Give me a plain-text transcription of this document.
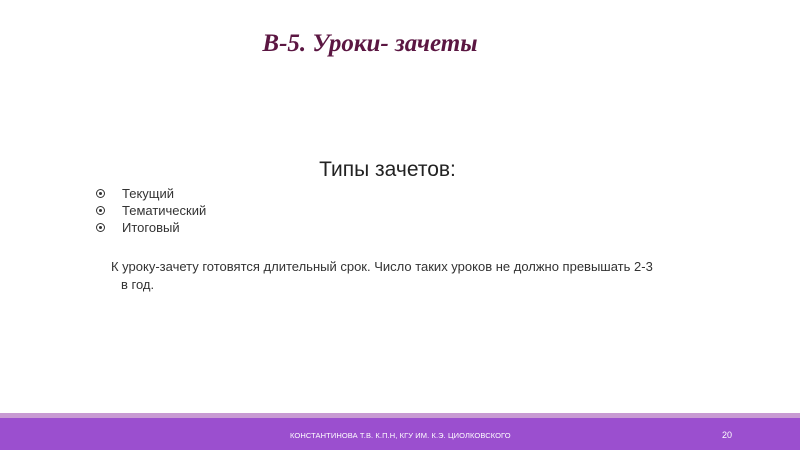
В-5. Уроки- зачеты

Типы зачетов:

Текущий
Тематический
Итоговый

К уроку-зачету готовятся длительный срок. Число таких уроков не должно превышать 2-3 в год.

КОНСТАНТИНОВА Т.В. К.П.Н, КГУ ИМ. К.Э. ЦИОЛКОВСКОГО	20
